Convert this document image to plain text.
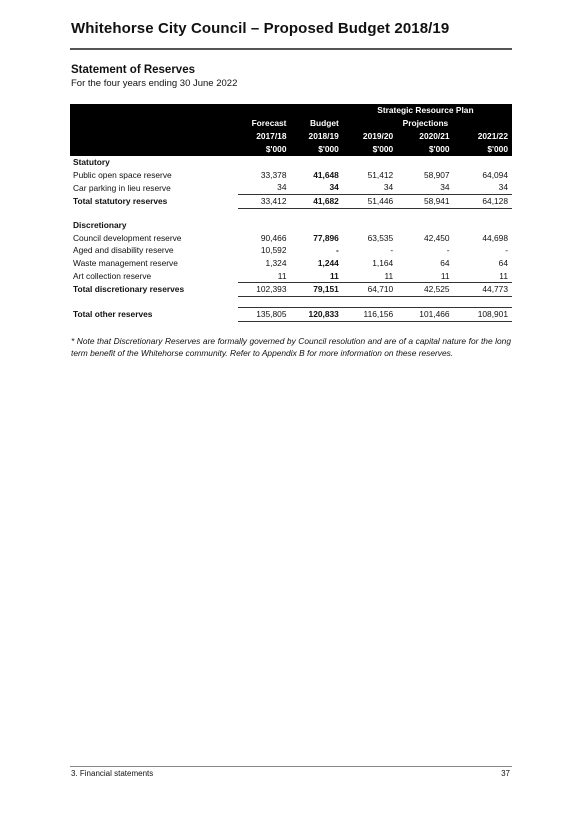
Whitehorse City Council – Proposed Budget 2018/19
Statement of Reserves
For the four years ending 30 June 2022
			Strategic Resource Plan		
	Forecast	Budget	Projections		
	2017/18	2018/19	2019/20	2020/21	2021/22
	$'000	$'000	$'000	$'000	$'000
Statutory					
Public open space reserve	33,378	41,648	51,412	58,907	64,094
Car parking in lieu reserve	34	34	34	34	34
Total statutory reserves	33,412	41,682	51,446	58,941	64,128

Discretionary					
Council development reserve	90,466	77,896	63,535	42,450	44,698
Aged and disability reserve	10,592	-	-	-	-
Waste management reserve	1,324	1,244	1,164	64	64
Art collection reserve	11	11	11	11	11
Total discretionary reserves	102,393	79,151	64,710	42,525	44,773

Total other reserves	135,805	120,833	116,156	101,466	108,901
* Note that Discretionary Reserves are formally governed by Council resolution and are of a capital nature for the long term benefit of the Whitehorse community. Refer to Appendix B for more information on these reserves.
3. Financial statements	37
